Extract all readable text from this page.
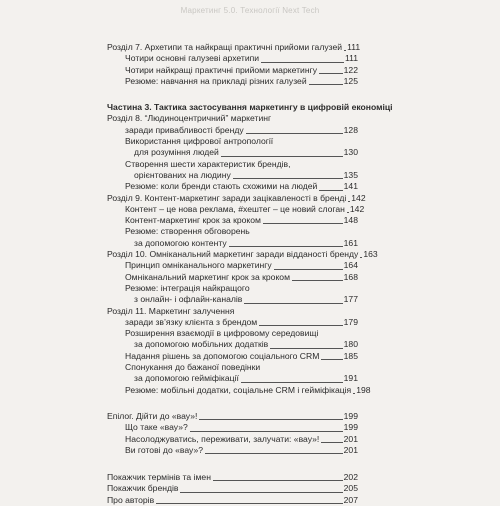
Маркетинг 5.0. Технології Next Tech
Розділ 7. Архетипи та найкращі практичні прийоми галузей 111
Чотири основні галузеві архетипи	111
Чотири найкращі практичні прийоми маркетингу	122
Резюме: навчання на прикладі різних галузей	125
Частина 3. Тактика застосування маркетингу в цифровій економіці
Розділ 8. “Людиноцентричний” маркетинг
заради привабливості бренду	128
Використання цифрової антропології
для розуміння людей	130
Створення шести характеристик брендів,
орієнтованих на людину	135
Резюме: коли бренди стають схожими на людей	141
Розділ 9. Контент-маркетинг заради зацікавленості в бренді 142
Контент – це нова реклама, #хештег – це новий слоган 142
Контент-маркетинг крок за кроком	148
Резюме: створення обговорень
за допомогою контенту	161
Розділ 10. Омніканальний маркетинг заради відданості бренду 163
Принцип омніканального маркетингу	164
Омніканальний маркетинг крок за кроком	168
Резюме: інтеграція найкращого
з онлайн- і офлайн-каналів	177
Розділ 11. Маркетинг залучення
заради зв’язку клієнта з брендом	179
Розширення взаємодії в цифровому середовищі
за допомогою мобільних додатків	180
Надання рішень за допомогою соціального CRM	185
Спонукання до бажаної поведінки
за допомогою гейміфікації	191
Резюме: мобільні додатки, соціальне CRM і гейміфікація 198
Епілог. Дійти до «вау»!	199
Що таке «вау»?	199
Насолоджуватись, переживати, залучати: «вау»!	201
Ви готові до «вау»?	201
Покажчик термінів та імен	202
Покажчик брендів	205
Про авторів	207
